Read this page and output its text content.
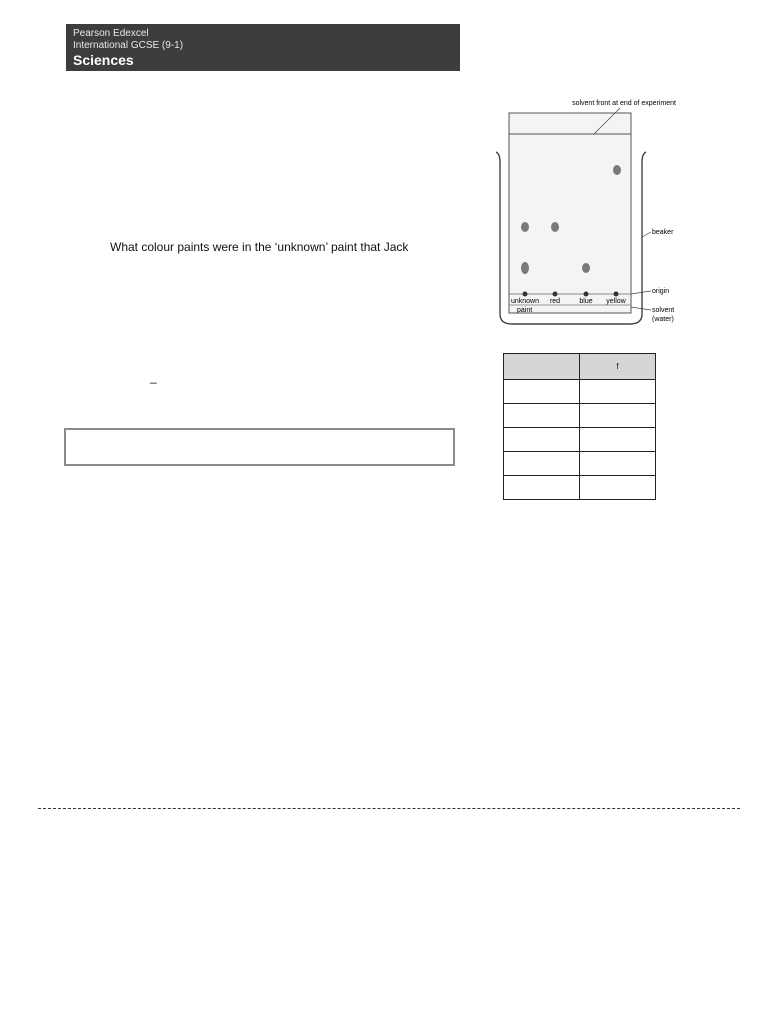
Pearson Edexcel
International GCSE (9-1)
Sciences
What colour paints were in the ‘unknown’ paint that Jack
_
unknown red	blue yellow
paint
solvent front at end of experiment
beaker
origin
solvent
(water)
	f
